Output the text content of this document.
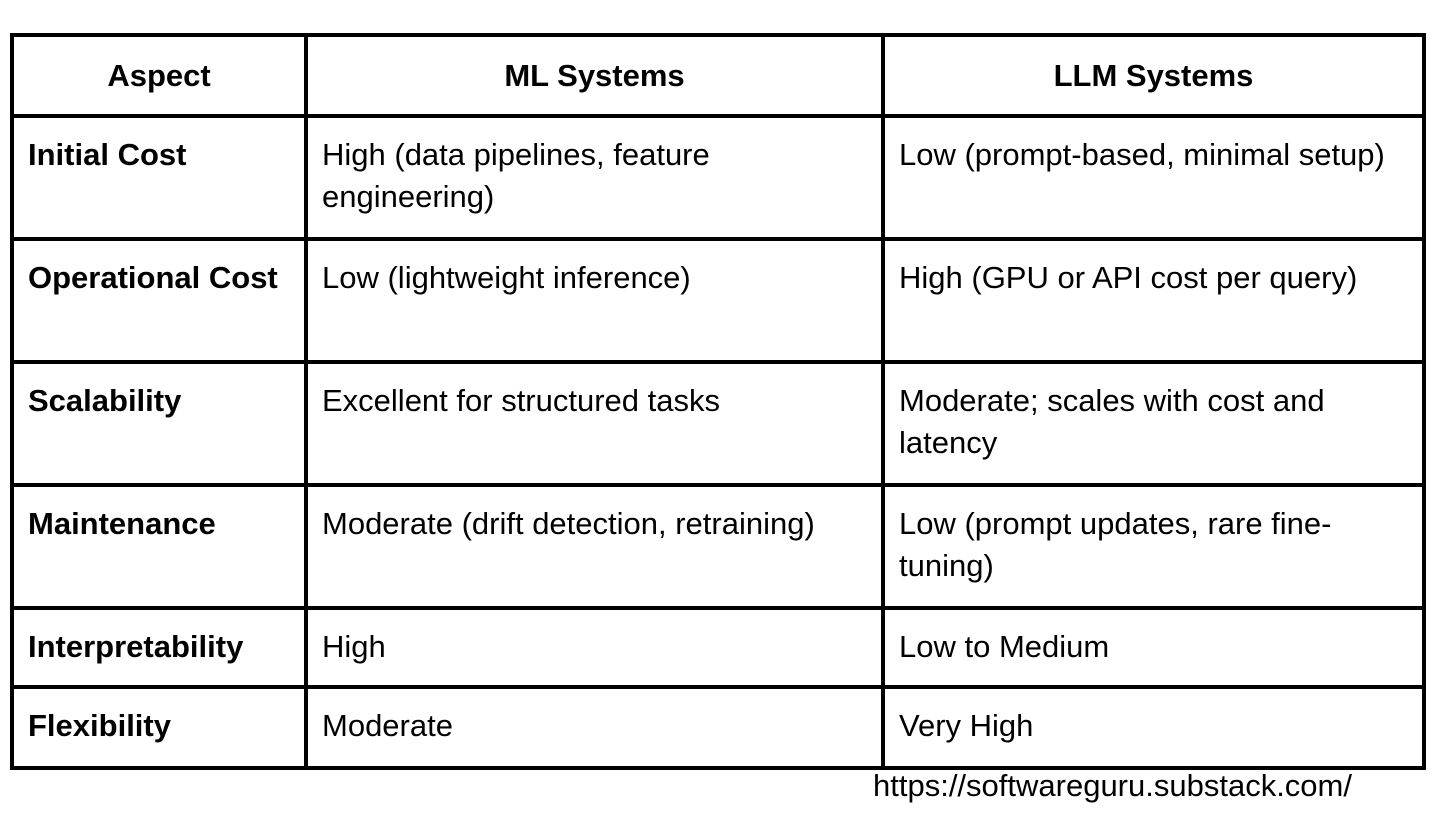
Aspect	ML Systems	LLM Systems
Initial Cost	High (data pipelines, feature engineering)	Low (prompt-based, minimal setup)
Operational Cost	Low (lightweight inference)	High (GPU or API cost per query)
Scalability	Excellent for structured tasks	Moderate; scales with cost and latency
Maintenance	Moderate (drift detection, retraining)	Low (prompt updates, rare fine-tuning)
Interpretability	High	Low to Medium
Flexibility	Moderate	Very High
https://softwareguru.substack.com/
